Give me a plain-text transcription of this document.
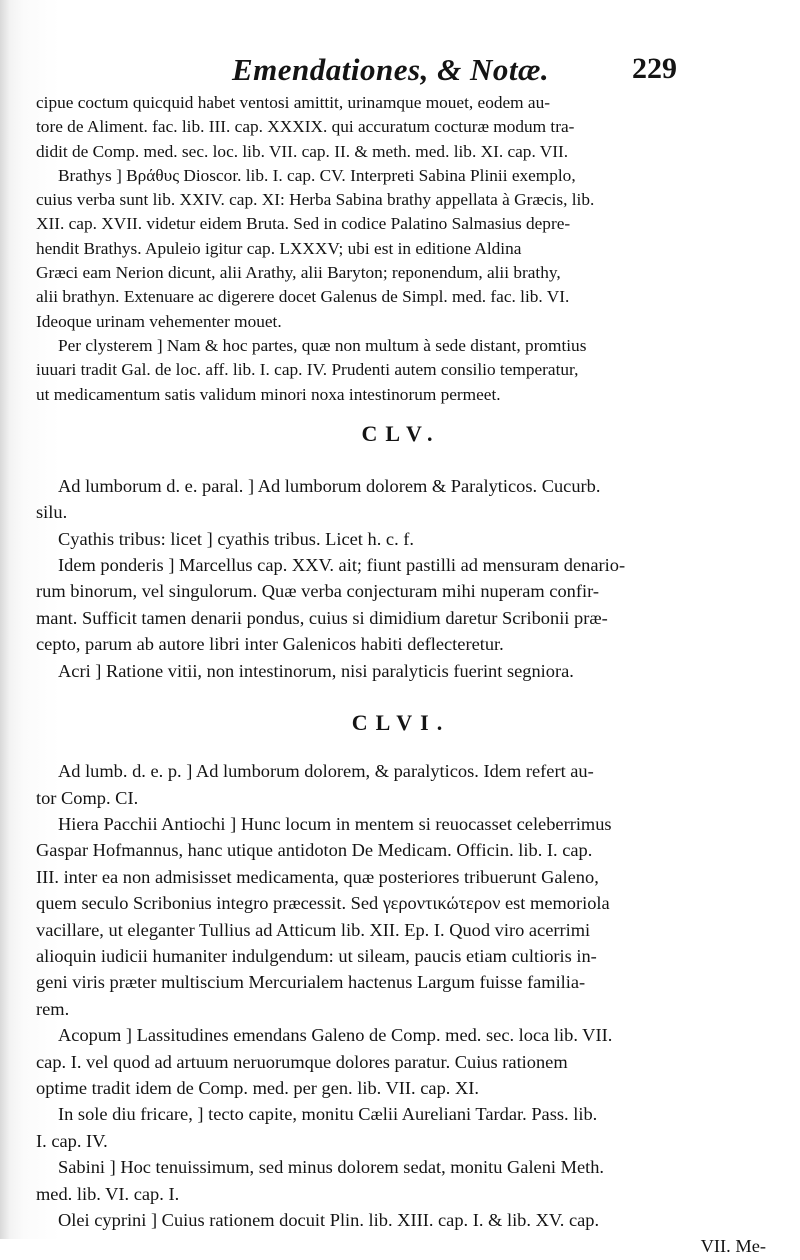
Emendationes, & Notæ.	229
cipue coctum quicquid habet ventosi amittit, urinamque mouet, eodem au-
tore de Aliment. fac. lib. III. cap. XXXIX. qui accuratum cocturæ modum tra-
didit de Comp. med. sec. loc. lib. VII. cap. II. & meth. med. lib. XI. cap. VII.
Brathys ] Βράθυς Dioscor. lib. I. cap. CV. Interpreti Sabina Plinii exemplo,
cuius verba sunt lib. XXIV. cap. XI: Herba Sabina brathy appellata à Græcis, lib.
XII. cap. XVII. videtur eidem Bruta. Sed in codice Palatino Salmasius depre-
hendit Brathys. Apuleio igitur cap. LXXXV; ubi est in editione Aldina
Græci eam Nerion dicunt, alii Arathy, alii Baryton; reponendum, alii brathy,
alii brathyn. Extenuare ac digerere docet Galenus de Simpl. med. fac. lib. VI.
Ideoque urinam vehementer mouet.
Per clysterem ] Nam & hoc partes, quæ non multum à sede distant, promtius
iuuari tradit Gal. de loc. aff. lib. I. cap. IV. Prudenti autem consilio temperatur,
ut medicamentum satis validum minori noxa intestinorum permeet.
CLV.
Ad lumborum d. e. paral. ] Ad lumborum dolorem & Paralyticos. Cucurb.
silu.
Cyathis tribus: licet ] cyathis tribus. Licet h. c. f.
Idem ponderis ] Marcellus cap. XXV. ait; fiunt pastilli ad mensuram denario-
rum binorum, vel singulorum. Quæ verba conjecturam mihi nuperam confir-
mant. Sufficit tamen denarii pondus, cuius si dimidium daretur Scribonii præ-
cepto, parum ab autore libri inter Galenicos habiti deflecteretur.
Acri ] Ratione vitii, non intestinorum, nisi paralyticis fuerint segniora.
CLVI.
Ad lumb. d. e. p. ] Ad lumborum dolorem, & paralyticos. Idem refert au-
tor Comp. CI.
Hiera Pacchii Antiochi ] Hunc locum in mentem si reuocasset celeberrimus
Gaspar Hofmannus, hanc utique antidoton De Medicam. Officin. lib. I. cap.
III. inter ea non admisisset medicamenta, quæ posteriores tribuerunt Galeno,
quem seculo Scribonius integro præcessit. Sed γεροντικώτερον est memoriola
vacillare, ut eleganter Tullius ad Atticum lib. XII. Ep. I. Quod viro acerrimi
alioquin iudicii humaniter indulgendum: ut sileam, paucis etiam cultioris in-
geni viris præter multiscium Mercurialem hactenus Largum fuisse familia-
rem.
Acopum ] Lassitudines emendans Galeno de Comp. med. sec. loca lib. VII.
cap. I. vel quod ad artuum neruorumque dolores paratur. Cuius rationem
optime tradit idem de Comp. med. per gen. lib. VII. cap. XI.
In sole diu fricare, ] tecto capite, monitu Cælii Aureliani Tardar. Pass. lib.
I. cap. IV.
Sabini ] Hoc tenuissimum, sed minus dolorem sedat, monitu Galeni Meth.
med. lib. VI. cap. I.
Olei cyprini ] Cuius rationem docuit Plin. lib. XIII. cap. I. & lib. XV. cap.
VII. Me-
